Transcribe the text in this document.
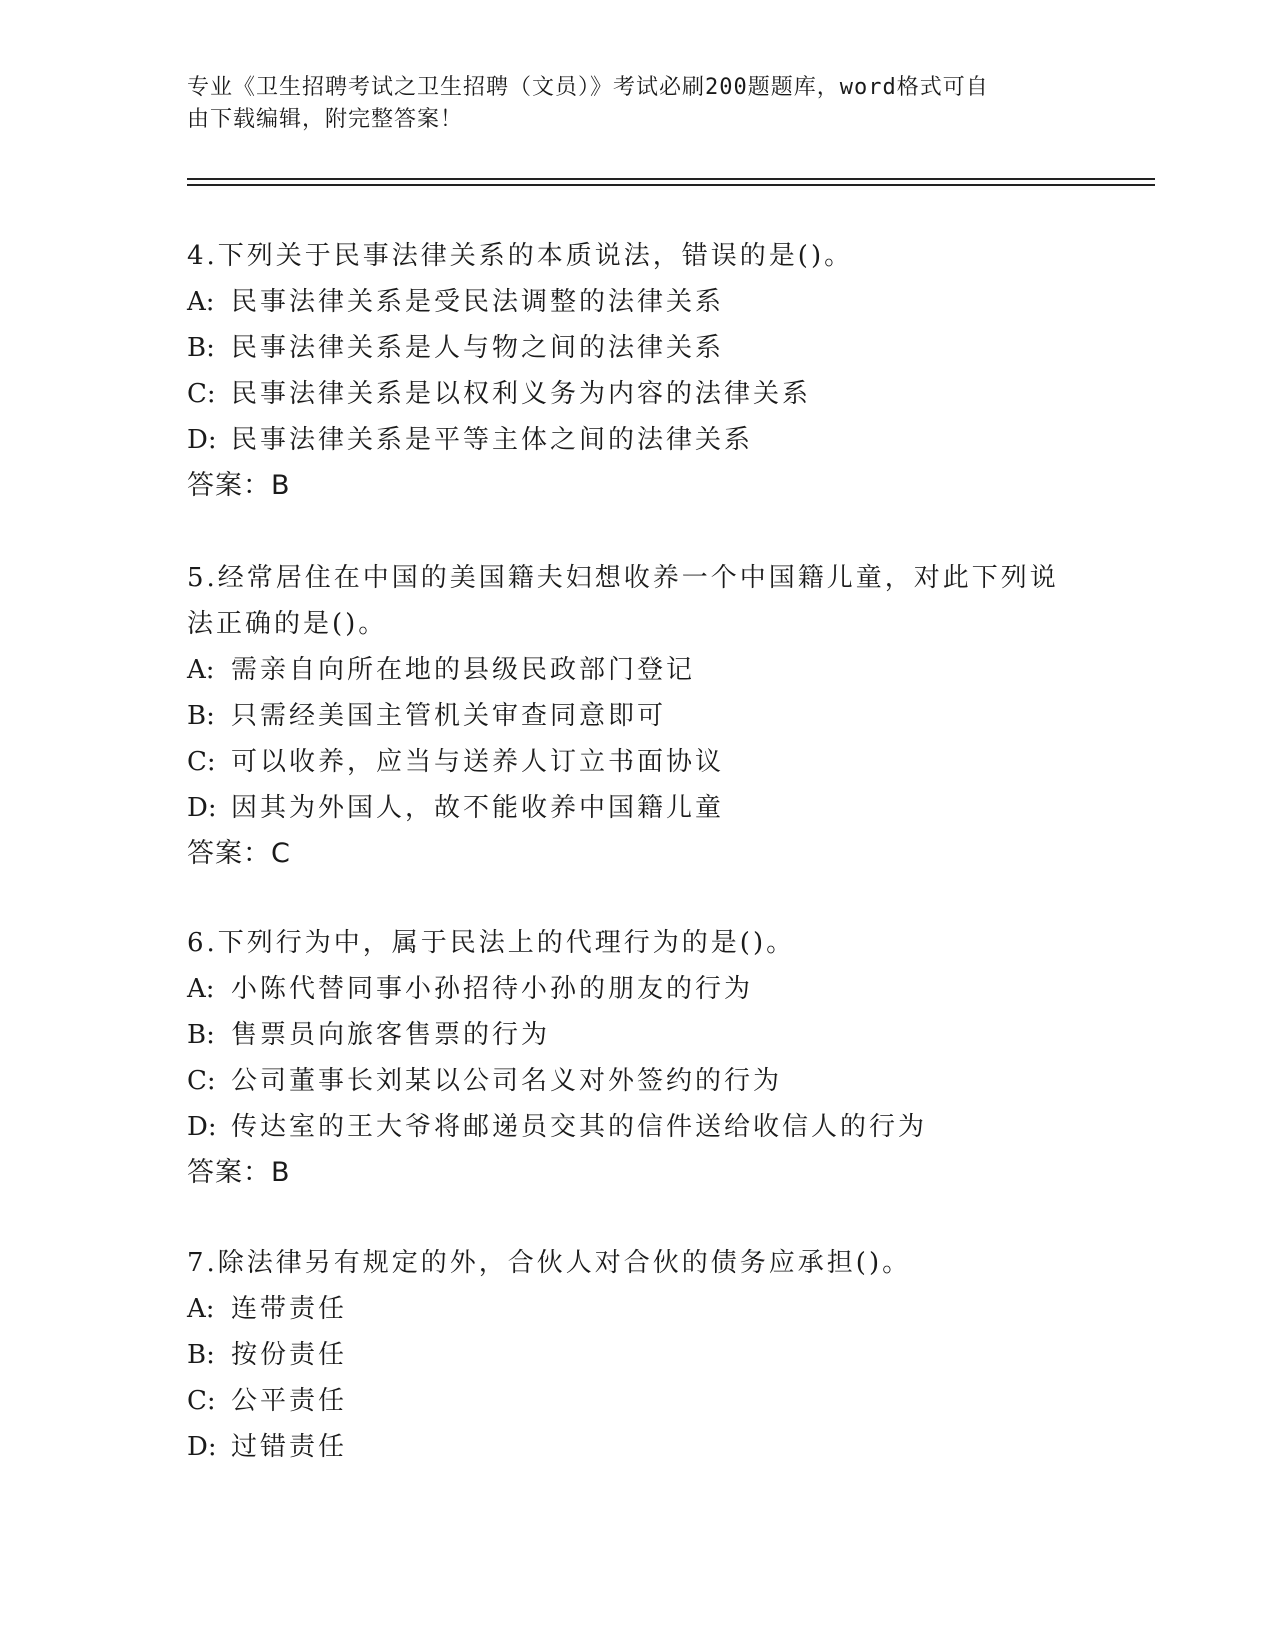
专业《卫生招聘考试之卫生招聘（文员）》考试必刷200题题库，word格式可自
由下载编辑，附完整答案！
4.下列关于民事法律关系的本质说法，错误的是()。
A: 民事法律关系是受民法调整的法律关系
B: 民事法律关系是人与物之间的法律关系
C: 民事法律关系是以权利义务为内容的法律关系
D: 民事法律关系是平等主体之间的法律关系
答案：B
5.经常居住在中国的美国籍夫妇想收养一个中国籍儿童，对此下列说
法正确的是()。
A: 需亲自向所在地的县级民政部门登记
B: 只需经美国主管机关审查同意即可
C: 可以收养，应当与送养人订立书面协议
D: 因其为外国人，故不能收养中国籍儿童
答案：C
6.下列行为中，属于民法上的代理行为的是()。
A: 小陈代替同事小孙招待小孙的朋友的行为
B: 售票员向旅客售票的行为
C: 公司董事长刘某以公司名义对外签约的行为
D: 传达室的王大爷将邮递员交其的信件送给收信人的行为
答案：B
7.除法律另有规定的外，合伙人对合伙的债务应承担()。
A: 连带责任
B: 按份责任
C: 公平责任
D: 过错责任
